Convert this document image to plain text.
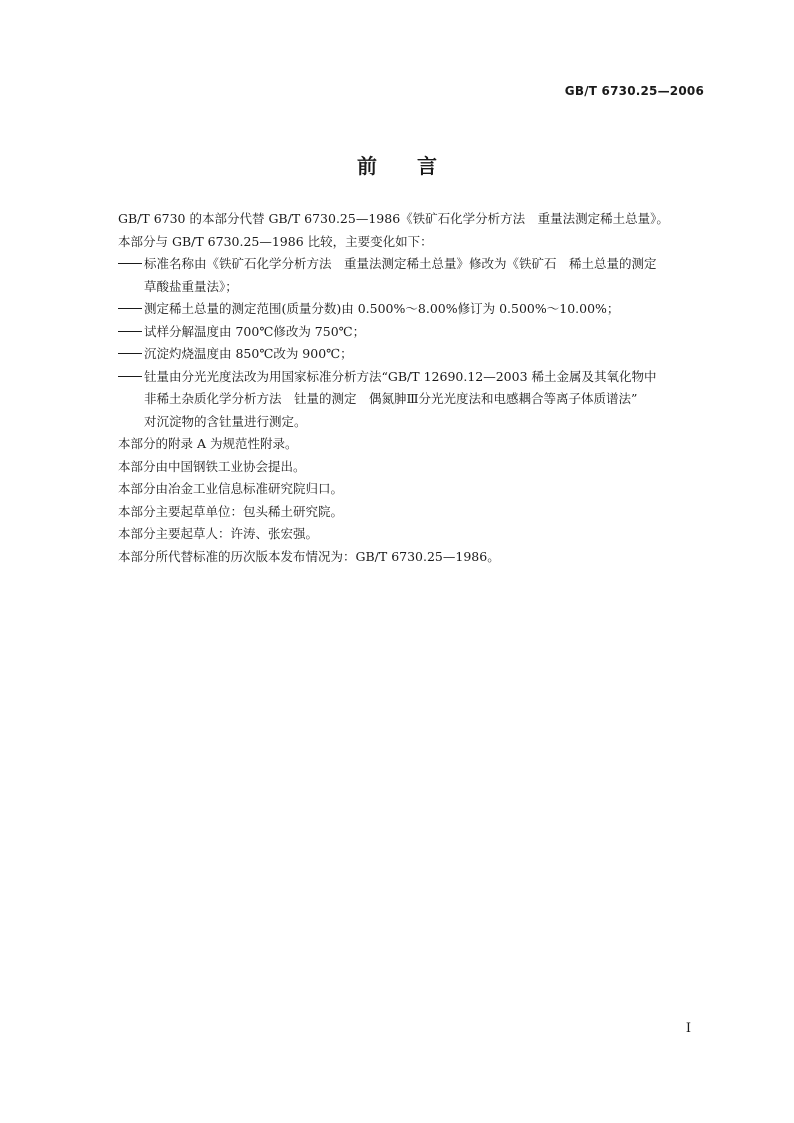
GB/T 6730.25—2006
前 言
GB/T 6730 的本部分代替 GB/T 6730.25—1986《铁矿石化学分析方法　重量法测定稀土总量》。
本部分与 GB/T 6730.25—1986 比较，主要变化如下：
标准名称由《铁矿石化学分析方法　重量法测定稀土总量》修改为《铁矿石　稀土总量的测定
草酸盐重量法》；
测定稀土总量的测定范围(质量分数)由 0.500%～8.00%修订为 0.500%～10.00%；
试样分解温度由 700℃修改为 750℃；
沉淀灼烧温度由 850℃改为 900℃；
钍量由分光光度法改为用国家标准分析方法“GB/T 12690.12—2003 稀土金属及其氧化物中
非稀土杂质化学分析方法　钍量的测定　偶氮胂Ⅲ分光光度法和电感耦合等离子体质谱法”
对沉淀物的含钍量进行测定。
本部分的附录 A 为规范性附录。
本部分由中国钢铁工业协会提出。
本部分由冶金工业信息标准研究院归口。
本部分主要起草单位：包头稀土研究院。
本部分主要起草人：许涛、张宏强。
本部分所代替标准的历次版本发布情况为：GB/T 6730.25—1986。
I
